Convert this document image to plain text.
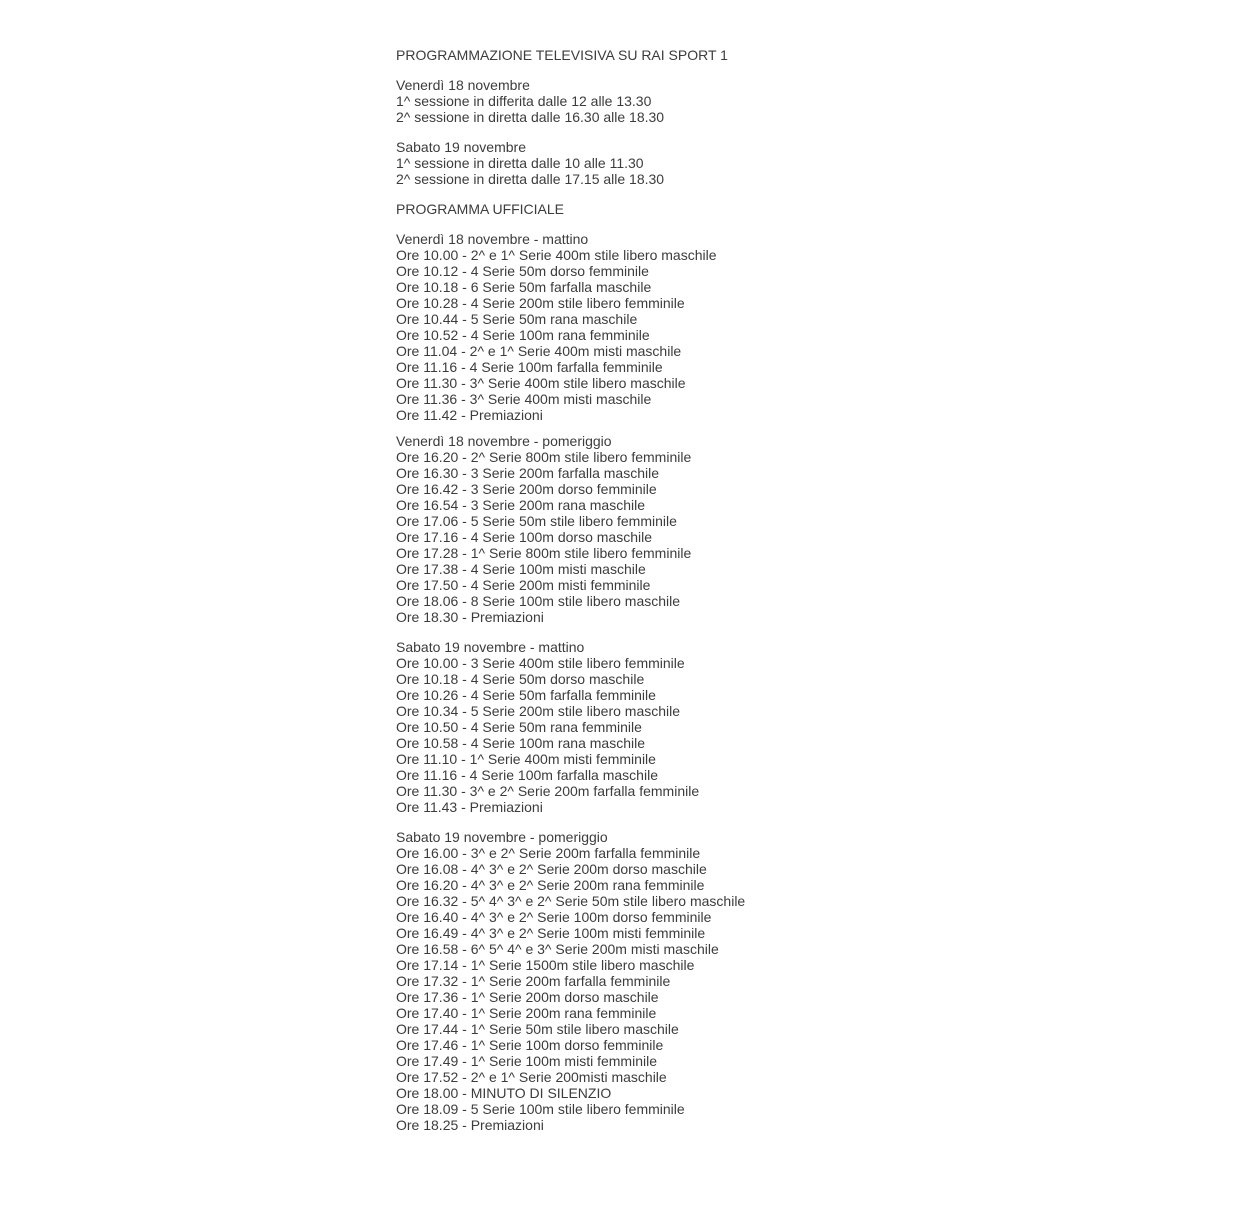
PROGRAMMAZIONE TELEVISIVA SU RAI SPORT 1
Venerdì 18 novembre
1^ sessione in differita dalle 12 alle 13.30
2^ sessione in diretta dalle 16.30 alle 18.30
Sabato 19 novembre
1^ sessione in diretta dalle 10 alle 11.30
2^ sessione in diretta dalle 17.15 alle 18.30
PROGRAMMA UFFICIALE
Venerdì 18 novembre - mattino
Ore 10.00 - 2^ e 1^ Serie 400m stile libero maschile
Ore 10.12 - 4 Serie 50m dorso femminile
Ore 10.18 - 6 Serie 50m farfalla maschile
Ore 10.28 - 4 Serie 200m stile libero femminile
Ore 10.44 - 5 Serie 50m rana maschile
Ore 10.52 - 4 Serie 100m rana femminile
Ore 11.04 - 2^ e 1^ Serie 400m misti maschile
Ore 11.16 - 4 Serie 100m farfalla femminile
Ore 11.30 - 3^ Serie 400m stile libero maschile
Ore 11.36 - 3^ Serie 400m misti maschile
Ore 11.42 - Premiazioni
Venerdì 18 novembre - pomeriggio
Ore 16.20 - 2^ Serie 800m stile libero femminile
Ore 16.30 - 3 Serie 200m farfalla maschile
Ore 16.42 - 3 Serie 200m dorso femminile
Ore 16.54 - 3 Serie 200m rana maschile
Ore 17.06 - 5 Serie 50m stile libero femminile
Ore 17.16 - 4 Serie 100m dorso maschile
Ore 17.28 - 1^ Serie 800m stile libero femminile
Ore 17.38 - 4 Serie 100m misti maschile
Ore 17.50 - 4 Serie 200m misti femminile
Ore 18.06 - 8 Serie 100m stile libero maschile
Ore 18.30 - Premiazioni
Sabato 19 novembre - mattino
Ore 10.00 - 3 Serie 400m stile libero femminile
Ore 10.18 - 4 Serie 50m dorso maschile
Ore 10.26 - 4 Serie 50m farfalla femminile
Ore 10.34 - 5 Serie 200m stile libero maschile
Ore 10.50 - 4 Serie 50m rana femminile
Ore 10.58 - 4 Serie 100m rana maschile
Ore 11.10 - 1^ Serie 400m misti femminile
Ore 11.16 - 4 Serie 100m farfalla maschile
Ore 11.30 - 3^ e 2^ Serie 200m farfalla femminile
Ore 11.43 - Premiazioni
Sabato 19 novembre - pomeriggio
Ore 16.00 - 3^ e 2^ Serie 200m farfalla femminile
Ore 16.08 - 4^ 3^ e 2^ Serie 200m dorso maschile
Ore 16.20 - 4^ 3^ e 2^ Serie 200m rana femminile
Ore 16.32 - 5^ 4^ 3^ e 2^ Serie 50m stile libero maschile
Ore 16.40 - 4^ 3^ e 2^ Serie 100m dorso femminile
Ore 16.49 - 4^ 3^ e 2^ Serie 100m misti femminile
Ore 16.58 - 6^ 5^ 4^ e 3^ Serie 200m misti maschile
Ore 17.14 - 1^ Serie 1500m stile libero maschile
Ore 17.32 - 1^ Serie 200m farfalla femminile
Ore 17.36 - 1^ Serie 200m dorso maschile
Ore 17.40 - 1^ Serie 200m rana femminile
Ore 17.44 - 1^ Serie 50m stile libero maschile
Ore 17.46 - 1^ Serie 100m dorso femminile
Ore 17.49 - 1^ Serie 100m misti femminile
Ore 17.52 - 2^ e 1^ Serie 200misti maschile
Ore 18.00 - MINUTO DI SILENZIO
Ore 18.09 - 5 Serie 100m stile libero femminile
Ore 18.25 - Premiazioni
